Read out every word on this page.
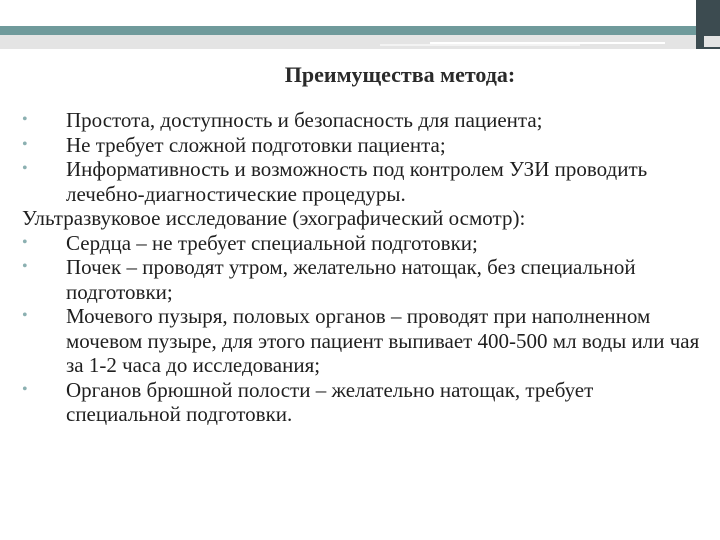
Преимущества метода:
•	Простота, доступность и безопасность для пациента;
•	Не требует сложной подготовки пациента;
•	Информативность и возможность под контролем УЗИ проводить лечебно-диагностические процедуры.
Ультразвуковое исследование (эхографический осмотр):
•	Сердца – не требует специальной подготовки;
•	Почек – проводят утром, желательно натощак, без специальной подготовки;
•	Мочевого пузыря, половых органов – проводят при наполненном мочевом пузыре, для этого пациент выпивает 400-500 мл воды или чая за 1-2 часа до исследования;
•	Органов брюшной полости – желательно натощак, требует специальной подготовки.
